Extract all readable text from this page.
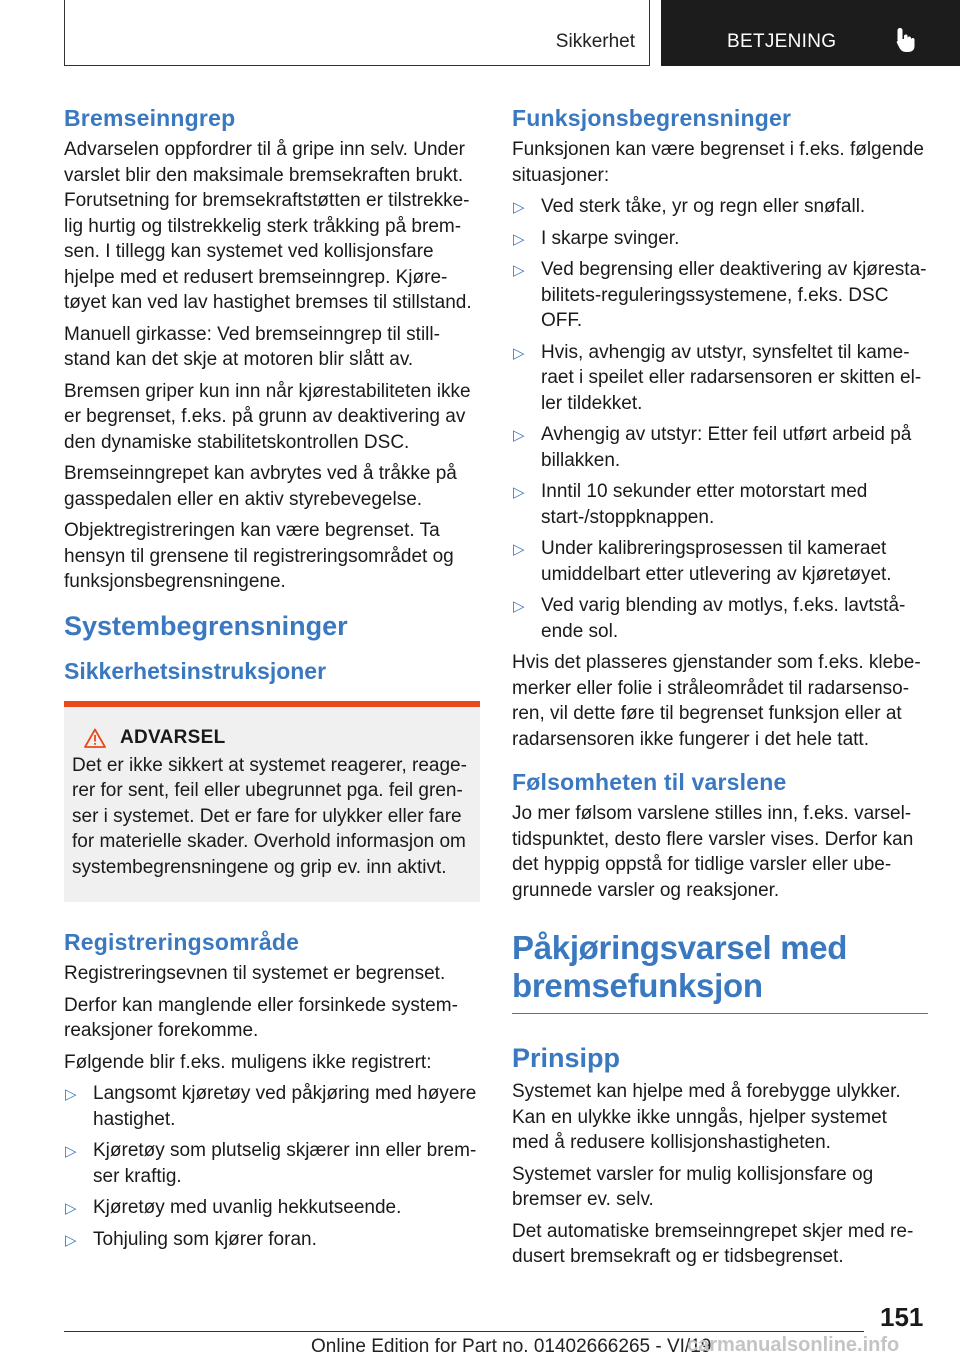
Sikkerhet	BETJENING
Bremseinngrep

Advarselen oppfordrer til å gripe inn selv. Under varslet blir den maksimale bremsekraften brukt. Forutsetning for bremsekraftstøtten er tilstrekkelig hurtig og tilstrekkelig sterk tråkking på bremsen. I tillegg kan systemet ved kollisjonsfare hjelpe med et redusert bremseinngrep. Kjøretøyet kan ved lav hastighet bremses til stillstand.

Manuell girkasse: Ved bremseinngrep til stillstand kan det skje at motoren blir slått av.

Bremsen griper kun inn når kjørestabiliteten ikke er begrenset, f.eks. på grunn av deaktivering av den dynamiske stabilitetskontrollen DSC.

Bremseinngrepet kan avbrytes ved å tråkke på gasspedalen eller en aktiv styrebevegelse.

Objektregistreringen kan være begrenset. Ta hensyn til grensene til registreringsområdet og funksjonsbegrensningene.

Systembegrensninger
Sikkerhetsinstruksjoner
ADVARSEL

Det er ikke sikkert at systemet reagerer, reagerer for sent, feil eller ubegrunnet pga. feil grenser i systemet. Det er fare for ulykker eller fare for materielle skader. Overhold informasjon om systembegrensningene og grip ev. inn aktivt.

Registreringsområde

Registreringsevnen til systemet er begrenset.

Derfor kan manglende eller forsinkede systemreaksjoner forekomme.

Følgende blir f.eks. muligens ikke registrert:

▷ Langsomt kjøretøy ved påkjøring med høyere hastighet.
▷ Kjøretøy som plutselig skjærer inn eller bremser kraftig.
▷ Kjøretøy med uvanlig hekkutseende.
▷ Tohjuling som kjører foran.
Funksjonsbegrensninger

Funksjonen kan være begrenset i f.eks. følgende situasjoner:

▷ Ved sterk tåke, yr og regn eller snøfall.
▷ I skarpe svinger.
▷ Ved begrensing eller deaktivering av kjørestabilitets-reguleringssystemene, f.eks. DSC OFF.
▷ Hvis, avhengig av utstyr, synsfeltet til kameraet i speilet eller radarsensoren er skitten eller tildekket.
▷ Avhengig av utstyr: Etter feil utført arbeid på billakken.
▷ Inntil 10 sekunder etter motorstart med start-/stoppknappen.
▷ Under kalibreringsprosessen til kameraet umiddelbart etter utlevering av kjøretøyet.
▷ Ved varig blending av motlys, f.eks. lavtstående sol.

Hvis det plasseres gjenstander som f.eks. klebemerker eller folie i stråleområdet til radarsensoren, vil dette føre til begrenset funksjon eller at radarsensoren ikke fungerer i det hele tatt.

Følsomheten til varslene

Jo mer følsom varslene stilles inn, f.eks. varseltidspunktet, desto flere varsler vises. Derfor kan det hyppig oppstå for tidlige varsler eller ubegrunnede varsler og reaksjoner.

Påkjøringsvarsel med
bremsefunksjon
Prinsipp

Systemet kan hjelpe med å forebygge ulykker. Kan en ulykke ikke unngås, hjelper systemet med å redusere kollisjonshastigheten.

Systemet varsler for mulig kollisjonsfare og bremser ev. selv.

Det automatiske bremseinngrepet skjer med redusert bremsekraft og er tidsbegrenset.

151
Online Edition for Part no. 01402666265 - VI/19
carmanualsonline.info
